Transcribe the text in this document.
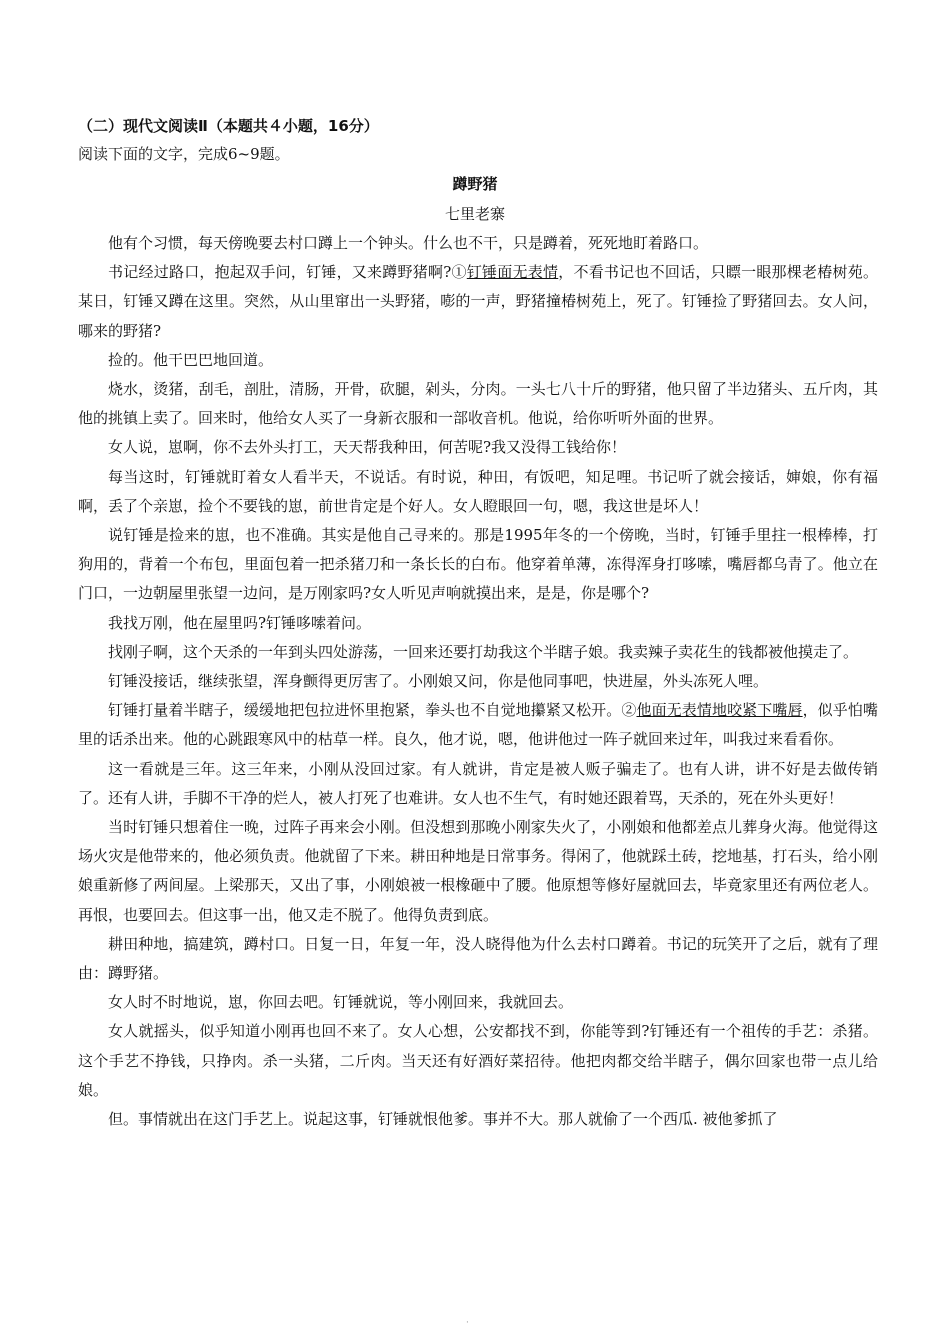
（二）现代文阅读Ⅱ（本题共４小题，16分）
阅读下面的文字，完成6~9题。
蹲野猪
七里老寨

他有个习惯，每天傍晚要去村口蹲上一个钟头。什么也不干，只是蹲着，死死地盯着路口。

书记经过路口，抱起双手问，钉锤，又来蹲野猪啊?①钉锤面无表情，不看书记也不回话，只瞟一眼那棵老椿树苑。某日，钉锤又蹲在这里。突然，从山里窜出一头野猪，嘭的一声，野猪撞椿树苑上，死了。钉锤捡了野猪回去。女人问，哪来的野猪?

捡的。他干巴巴地回道。

烧水，烫猪，刮毛，剖肚，清肠，开骨，砍腿，剁头，分肉。一头七八十斤的野猪，他只留了半边猪头、五斤肉，其他的挑镇上卖了。回来时，他给女人买了一身新衣服和一部收音机。他说，给你听听外面的世界。

女人说，崽啊，你不去外头打工，天天帮我种田，何苦呢?我又没得工钱给你！

每当这时，钉锤就盯着女人看半天，不说话。有时说，种田，有饭吧，知足哩。书记听了就会接话，婶娘，你有福啊，丢了个亲崽，捡个不要钱的崽，前世肯定是个好人。女人瞪眼回一句，嗯，我这世是坏人！

说钉锤是捡来的崽，也不准确。其实是他自己寻来的。那是1995年冬的一个傍晚，当时，钉锤手里拄一根棒棒，打狗用的，背着一个布包，里面包着一把杀猪刀和一条长长的白布。他穿着单薄，冻得浑身打哆嗦，嘴唇都乌青了。他立在门口，一边朝屋里张望一边问，是万刚家吗?女人听见声响就摸出来，是是，你是哪个?

我找万刚，他在屋里吗?钉锤哆嗦着问。

找刚子啊，这个天杀的一年到头四处游荡，一回来还要打劫我这个半瞎子娘。我卖辣子卖花生的钱都被他摸走了。

钉锤没接话，继续张望，浑身颤得更厉害了。小刚娘又问，你是他同事吧，快进屋，外头冻死人哩。

钉锤打量着半瞎子，缓缓地把包拉进怀里抱紧，拳头也不自觉地攥紧又松开。②他面无表情地咬紧下嘴唇，似乎怕嘴里的话杀出来。他的心跳跟寒风中的枯草一样。良久，他才说，嗯，他讲他过一阵子就回来过年，叫我过来看看你。

这一看就是三年。这三年来，小刚从没回过家。有人就讲，肯定是被人贩子骗走了。也有人讲，讲不好是去做传销了。还有人讲，手脚不干净的烂人，被人打死了也难讲。女人也不生气，有时她还跟着骂，天杀的，死在外头更好！

当时钉锤只想着住一晚，过阵子再来会小刚。但没想到那晚小刚家失火了，小刚娘和他都差点儿葬身火海。他觉得这场火灾是他带来的，他必须负责。他就留了下来。耕田种地是日常事务。得闲了，他就踩土砖，挖地基，打石头，给小刚娘重新修了两间屋。上梁那天，又出了事，小刚娘被一根橡砸中了腰。他原想等修好屋就回去，毕竟家里还有两位老人。再恨，也要回去。但这事一出，他又走不脱了。他得负责到底。

耕田种地，搞建筑，蹲村口。日复一日，年复一年，没人晓得他为什么去村口蹲着。书记的玩笑开了之后，就有了理由：蹲野猪。

女人时不时地说，崽，你回去吧。钉锤就说，等小刚回来，我就回去。

女人就摇头，似乎知道小刚再也回不来了。女人心想，公安都找不到，你能等到?钉锤还有一个祖传的手艺：杀猪。这个手艺不挣钱，只挣肉。杀一头猪，二斤肉。当天还有好酒好菜招待。他把肉都交给半瞎子，偶尔回家也带一点儿给娘。

但。事情就出在这门手艺上。说起这事，钉锤就恨他爹。事并不大。那人就偷了一个西瓜. 被他爹抓了

·
